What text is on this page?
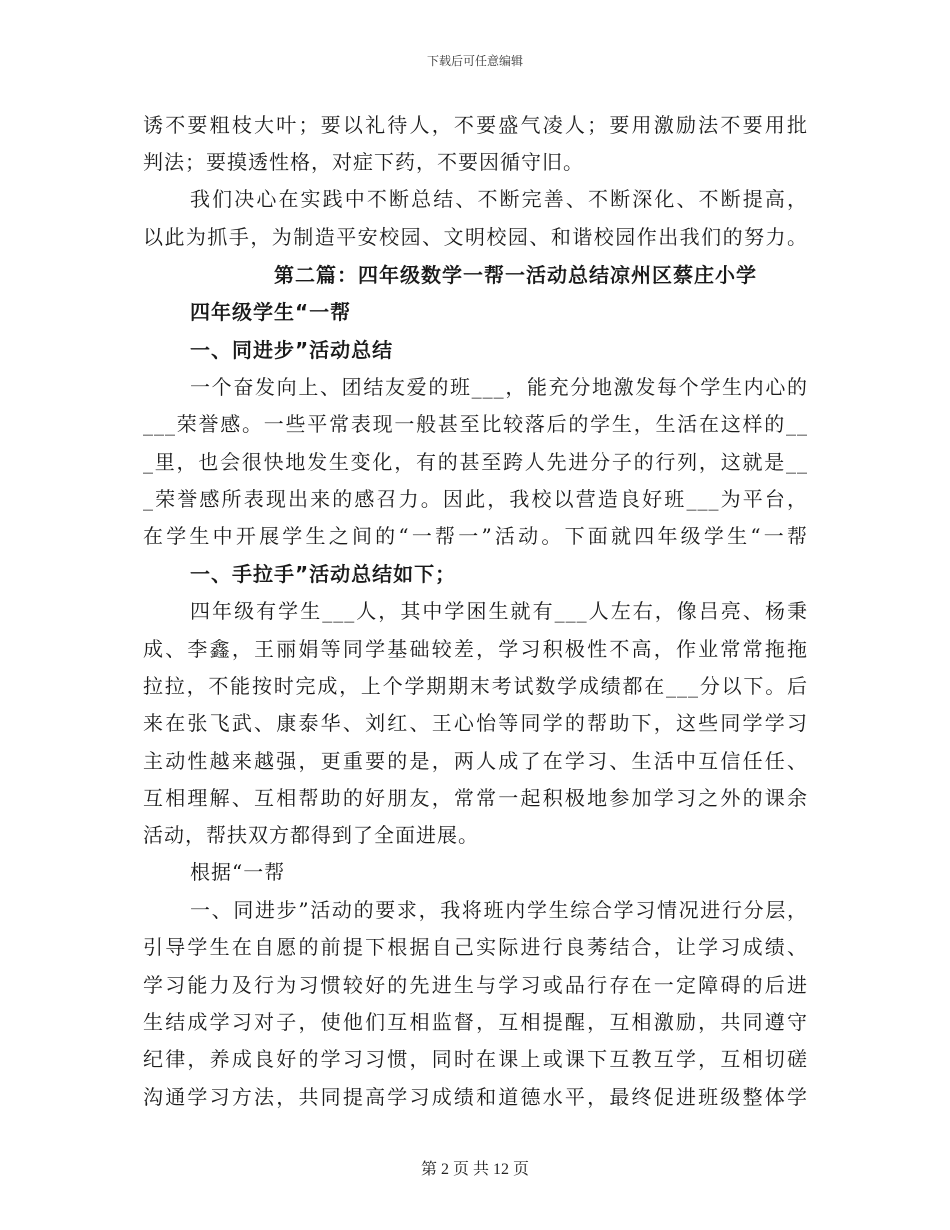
下载后可任意编辑
诱不要粗枝大叶；要以礼待人，不要盛气凌人；要用激励法不要用批
判法；要摸透性格，对症下药，不要因循守旧。
我们决心在实践中不断总结、不断完善、不断深化、不断提高，
以此为抓手，为制造平安校园、文明校园、和谐校园作出我们的努力。
第二篇：四年级数学一帮一活动总结凉州区蔡庄小学
四年级学生“一帮
一、同进步”活动总结
一个奋发向上、团结友爱的班___，能充分地激发每个学生内心的
___荣誉感。一些平常表现一般甚至比较落后的学生，生活在这样的__
_里，也会很快地发生变化，有的甚至跨人先进分子的行列，这就是__
_荣誉感所表现出来的感召力。因此，我校以营造良好班___为平台，
在学生中开展学生之间的“一帮一”活动。下面就四年级学生“一帮
一、手拉手”活动总结如下；
四年级有学生___人，其中学困生就有___人左右，像吕亮、杨秉
成、李鑫，王丽娟等同学基础较差，学习积极性不高，作业常常拖拖
拉拉，不能按时完成，上个学期期末考试数学成绩都在___分以下。后
来在张飞武、康泰华、刘红、王心怡等同学的帮助下，这些同学学习
主动性越来越强，更重要的是，两人成了在学习、生活中互信任任、
互相理解、互相帮助的好朋友，常常一起积极地参加学习之外的课余
活动，帮扶双方都得到了全面进展。
根据“一帮
一、同进步”活动的要求，我将班内学生综合学习情况进行分层，
引导学生在自愿的前提下根据自己实际进行良莠结合，让学习成绩、
学习能力及行为习惯较好的先进生与学习或品行存在一定障碍的后进
生结成学习对子，使他们互相监督，互相提醒，互相激励，共同遵守
纪律，养成良好的学习习惯，同时在课上或课下互教互学，互相切磋
沟通学习方法，共同提高学习成绩和道德水平，最终促进班级整体学
第 2 页 共 12 页
